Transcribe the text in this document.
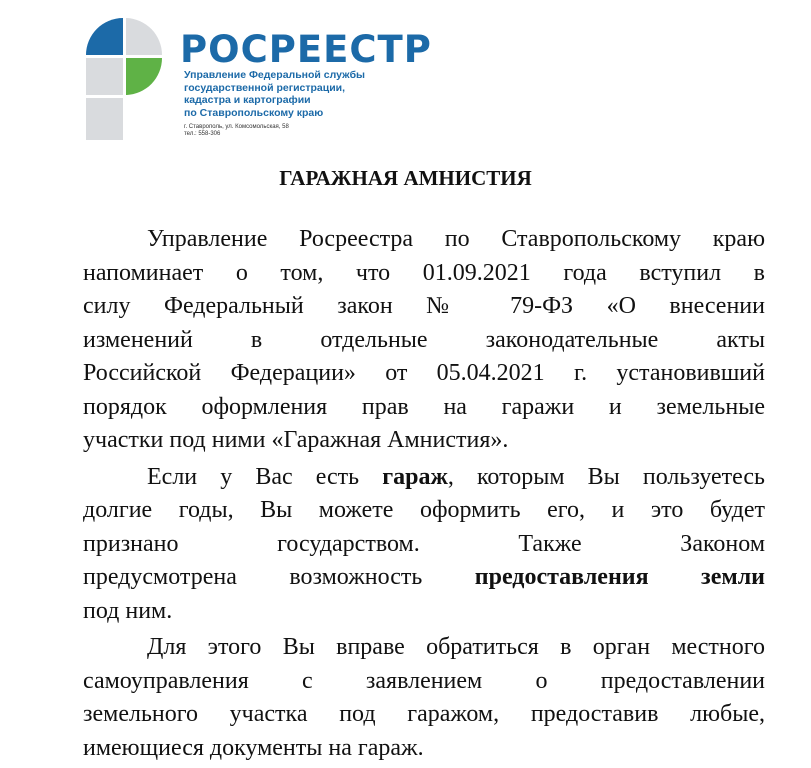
РОСРЕЕСТР
Управление Федеральной службы
государственной регистрации,
кадастра и картографии
по Ставропольскому краю
г. Ставрополь, ул. Комсомольская, 58
тел.: 558-306
ГАРАЖНАЯ АМНИСТИЯ
Управление Росреестра по Ставропольскому краю
напоминает о том, что 01.09.2021 года вступил в
силу Федеральный закон № 79-ФЗ «О внесении
изменений в отдельные законодательные акты
Российской Федерации» от 05.04.2021 г. установивший
порядок оформления прав на гаражи и земельные
участки под ними «Гаражная Амнистия».
Если у Вас есть гараж, которым Вы пользуетесь
долгие годы, Вы можете оформить его, и это будет
признано государством. Также Законом
предусмотрена возможность предоставления земли
под ним.
Для этого Вы вправе обратиться в орган местного
самоуправления с заявлением о предоставлении
земельного участка под гаражом, предоставив любые,
имеющиеся документы на гараж.
